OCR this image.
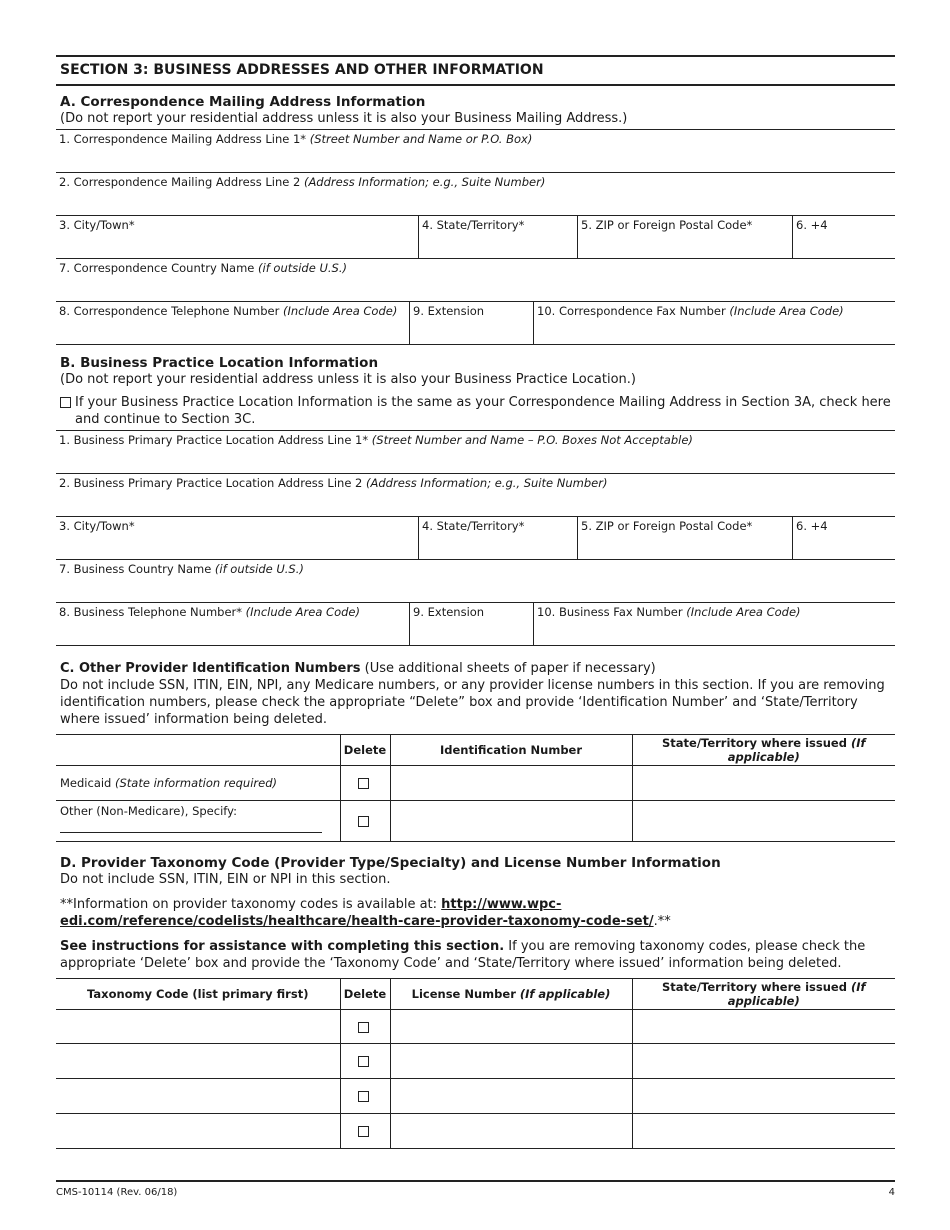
SECTION 3: BUSINESS ADDRESSES AND OTHER INFORMATION
A. Correspondence Mailing Address Information
(Do not report your residential address unless it is also your Business Mailing Address.)
1. Correspondence Mailing Address Line 1* (Street Number and Name or P.O. Box)
2. Correspondence Mailing Address Line 2 (Address Information; e.g., Suite Number)
3. City/Town*	4. State/Territory*	5. ZIP or Foreign Postal Code*	6. +4
7. Correspondence Country Name (if outside U.S.)
8. Correspondence Telephone Number (Include Area Code)	9. Extension	10. Correspondence Fax Number (Include Area Code)
B. Business Practice Location Information
(Do not report your residential address unless it is also your Business Practice Location.)
If your Business Practice Location Information is the same as your Correspondence Mailing Address in Section 3A, check here and continue to Section 3C.
1. Business Primary Practice Location Address Line 1* (Street Number and Name – P.O. Boxes Not Acceptable)
2. Business Primary Practice Location Address Line 2 (Address Information; e.g., Suite Number)
3. City/Town*	4. State/Territory*	5. ZIP or Foreign Postal Code*	6. +4
7. Business Country Name (if outside U.S.)
8. Business Telephone Number* (Include Area Code)	9. Extension	10. Business Fax Number (Include Area Code)
C. Other Provider Identification Numbers (Use additional sheets of paper if necessary)
Do not include SSN, ITIN, EIN, NPI, any Medicare numbers, or any provider license numbers in this section. If you are removing identification numbers, please check the appropriate “Delete” box and provide ‘Identification Number’ and ‘State/Territory where issued’ information being deleted.
	Delete	Identification Number	State/Territory where issued (If applicable)
Medicaid (State information required)			

Other (Non-Medicare), Specify:			

D. Provider Taxonomy Code (Provider Type/Specialty) and License Number Information
Do not include SSN, ITIN, EIN or NPI in this section.
**Information on provider taxonomy codes is available at: http://www.wpc-edi.com/reference/codelists/healthcare/health-care-provider-taxonomy-code-set/.**
See instructions for assistance with completing this section. If you are removing taxonomy codes, please check the appropriate ‘Delete’ box and provide the ‘Taxonomy Code’ and ‘State/Territory where issued’ information being deleted.
Taxonomy Code (list primary first)	Delete	License Number (If applicable)	State/Territory where issued (If applicable)

CMS-10114 (Rev. 06/18)	4
